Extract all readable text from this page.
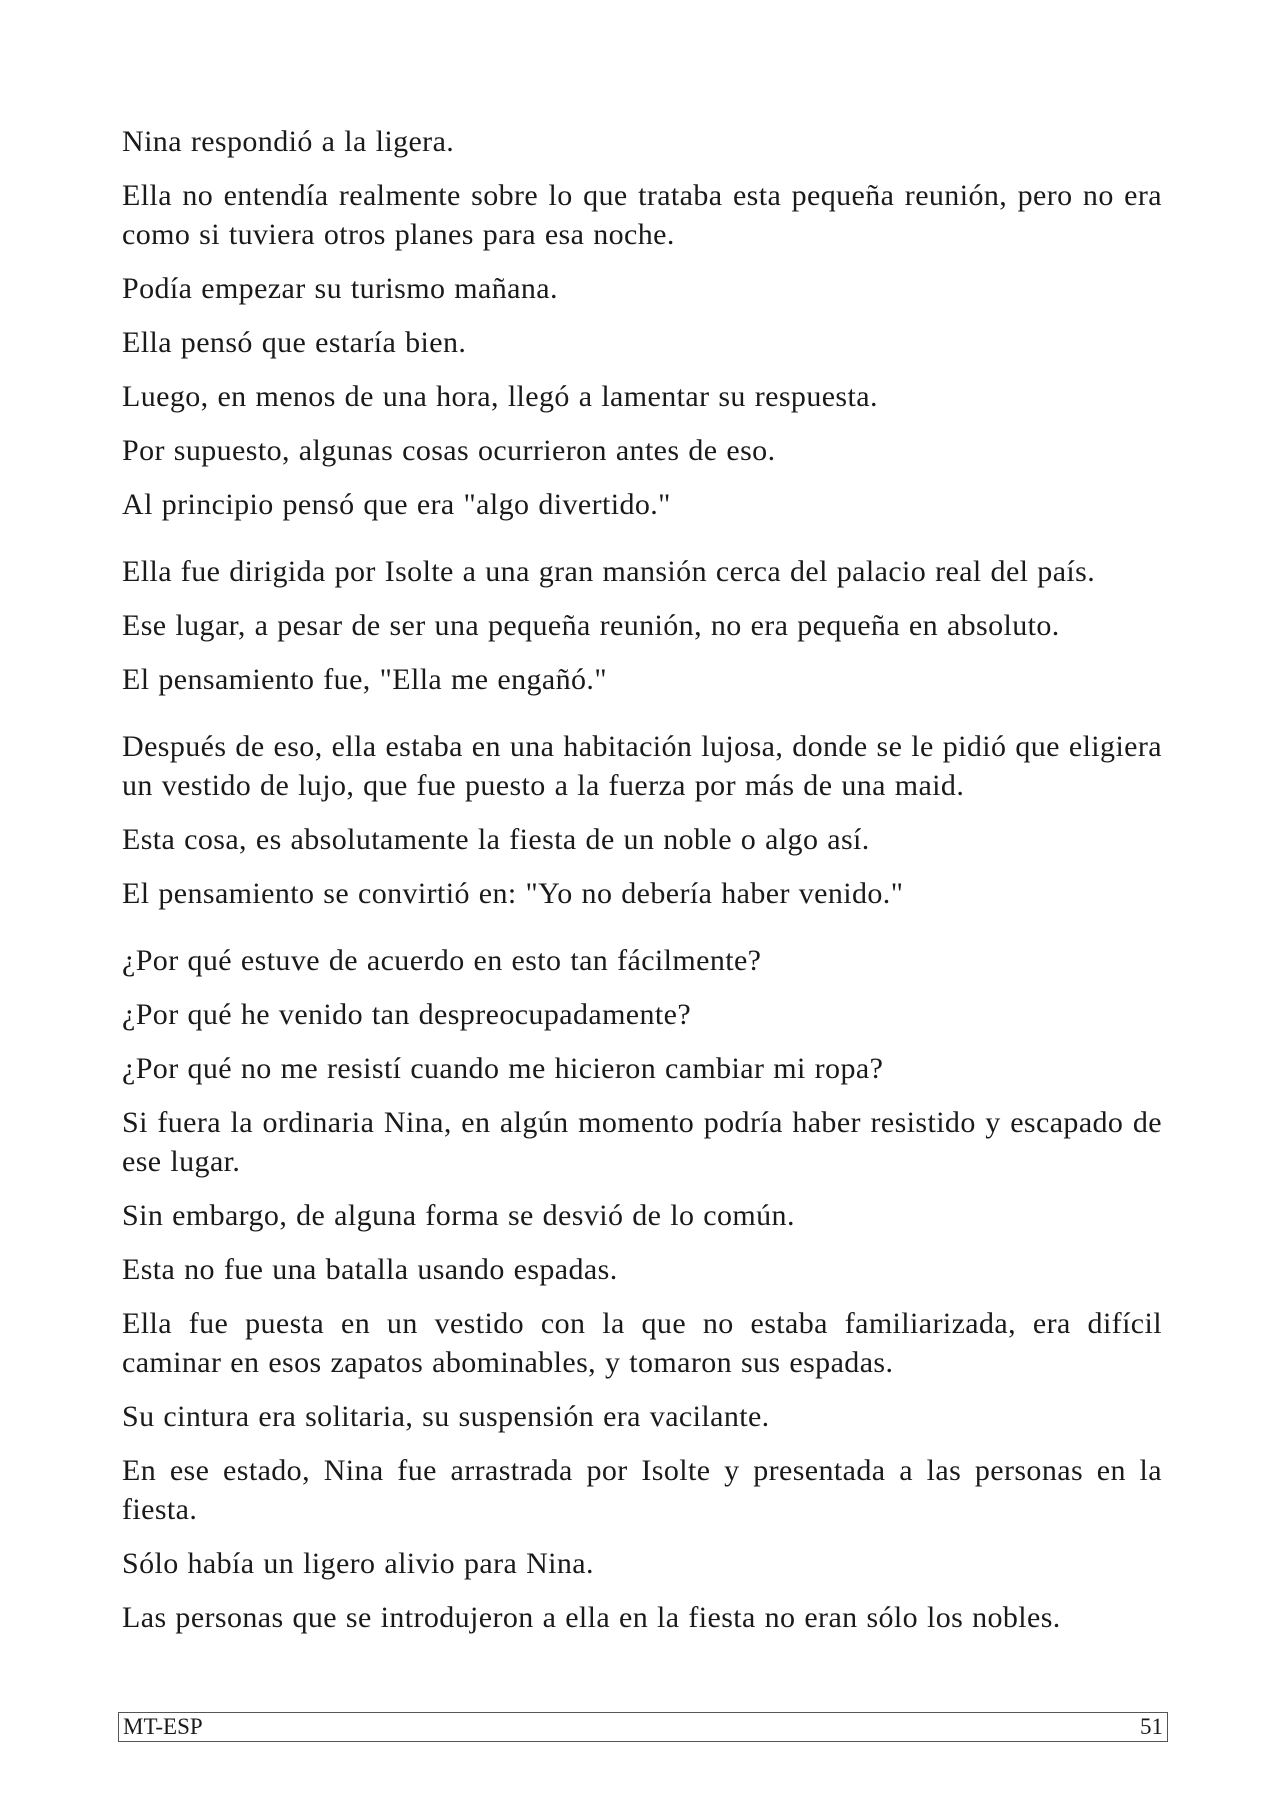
Nina respondió a la ligera.

Ella no entendía realmente sobre lo que trataba esta pequeña reunión, pero no era como si tuviera otros planes para esa noche.

Podía empezar su turismo mañana.

Ella pensó que estaría bien.

Luego, en menos de una hora, llegó a lamentar su respuesta.

Por supuesto, algunas cosas ocurrieron antes de eso.

Al principio pensó que era "algo divertido."

Ella fue dirigida por Isolte a una gran mansión cerca del palacio real del país.

Ese lugar, a pesar de ser una pequeña reunión, no era pequeña en absoluto.

El pensamiento fue, "Ella me engañó."

Después de eso, ella estaba en una habitación lujosa, donde se le pidió que eligiera un vestido de lujo, que fue puesto a la fuerza por más de una maid.

Esta cosa, es absolutamente la fiesta de un noble o algo así.

El pensamiento se convirtió en: "Yo no debería haber venido."

¿Por qué estuve de acuerdo en esto tan fácilmente?

¿Por qué he venido tan despreocupadamente?

¿Por qué no me resistí cuando me hicieron cambiar mi ropa?

Si fuera la ordinaria Nina, en algún momento podría haber resistido y escapado de ese lugar.

Sin embargo, de alguna forma se desvió de lo común.

Esta no fue una batalla usando espadas.

Ella fue puesta en un vestido con la que no estaba familiarizada, era difícil caminar en esos zapatos abominables, y tomaron sus espadas.

Su cintura era solitaria, su suspensión era vacilante.

En ese estado, Nina fue arrastrada por Isolte y presentada a las personas en la fiesta.

Sólo había un ligero alivio para Nina.

Las personas que se introdujeron a ella en la fiesta no eran sólo los nobles.

MT-ESP	51
